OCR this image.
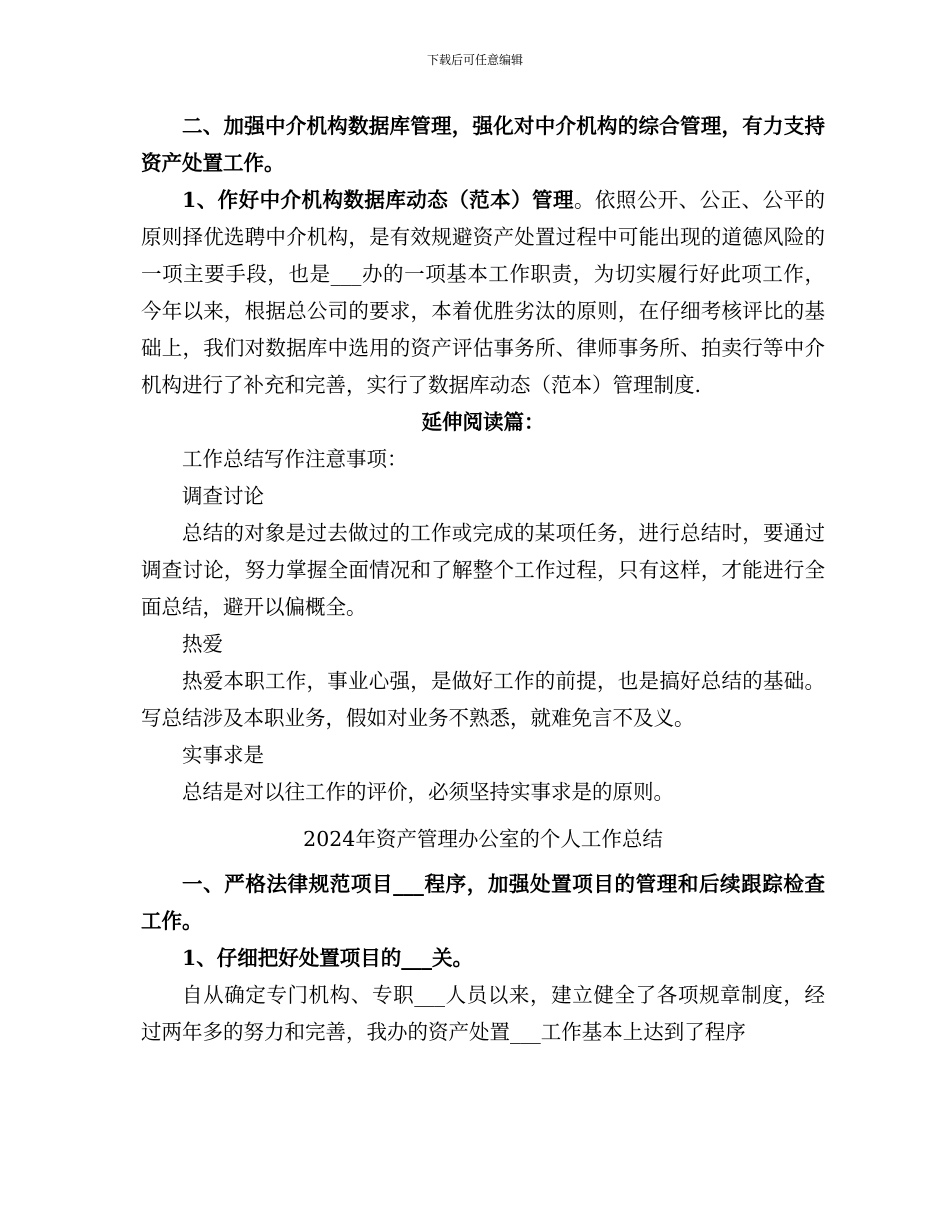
下载后可任意编辑

二、加强中介机构数据库管理，强化对中介机构的综合管理，有力支持资产处置工作。

1、作好中介机构数据库动态（范本）管理。依照公开、公正、公平的原则择优选聘中介机构，是有效规避资产处置过程中可能出现的道德风险的一项主要手段，也是___办的一项基本工作职责，为切实履行好此项工作，今年以来，根据总公司的要求，本着优胜劣汰的原则，在仔细考核评比的基础上，我们对数据库中选用的资产评估事务所、律师事务所、拍卖行等中介机构进行了补充和完善，实行了数据库动态（范本）管理制度.

延伸阅读篇：

工作总结写作注意事项：

调查讨论

总结的对象是过去做过的工作或完成的某项任务，进行总结时，要通过调查讨论，努力掌握全面情况和了解整个工作过程，只有这样，才能进行全面总结，避开以偏概全。

热爱

热爱本职工作，事业心强，是做好工作的前提，也是搞好总结的基础。写总结涉及本职业务，假如对业务不熟悉，就难免言不及义。

实事求是

总结是对以往工作的评价，必须坚持实事求是的原则。

2024年资产管理办公室的个人工作总结

一、严格法律规范项目___程序，加强处置项目的管理和后续跟踪检查工作。

1、仔细把好处置项目的___关。

自从确定专门机构、专职___人员以来，建立健全了各项规章制度，经过两年多的努力和完善，我办的资产处置___工作基本上达到了程序
